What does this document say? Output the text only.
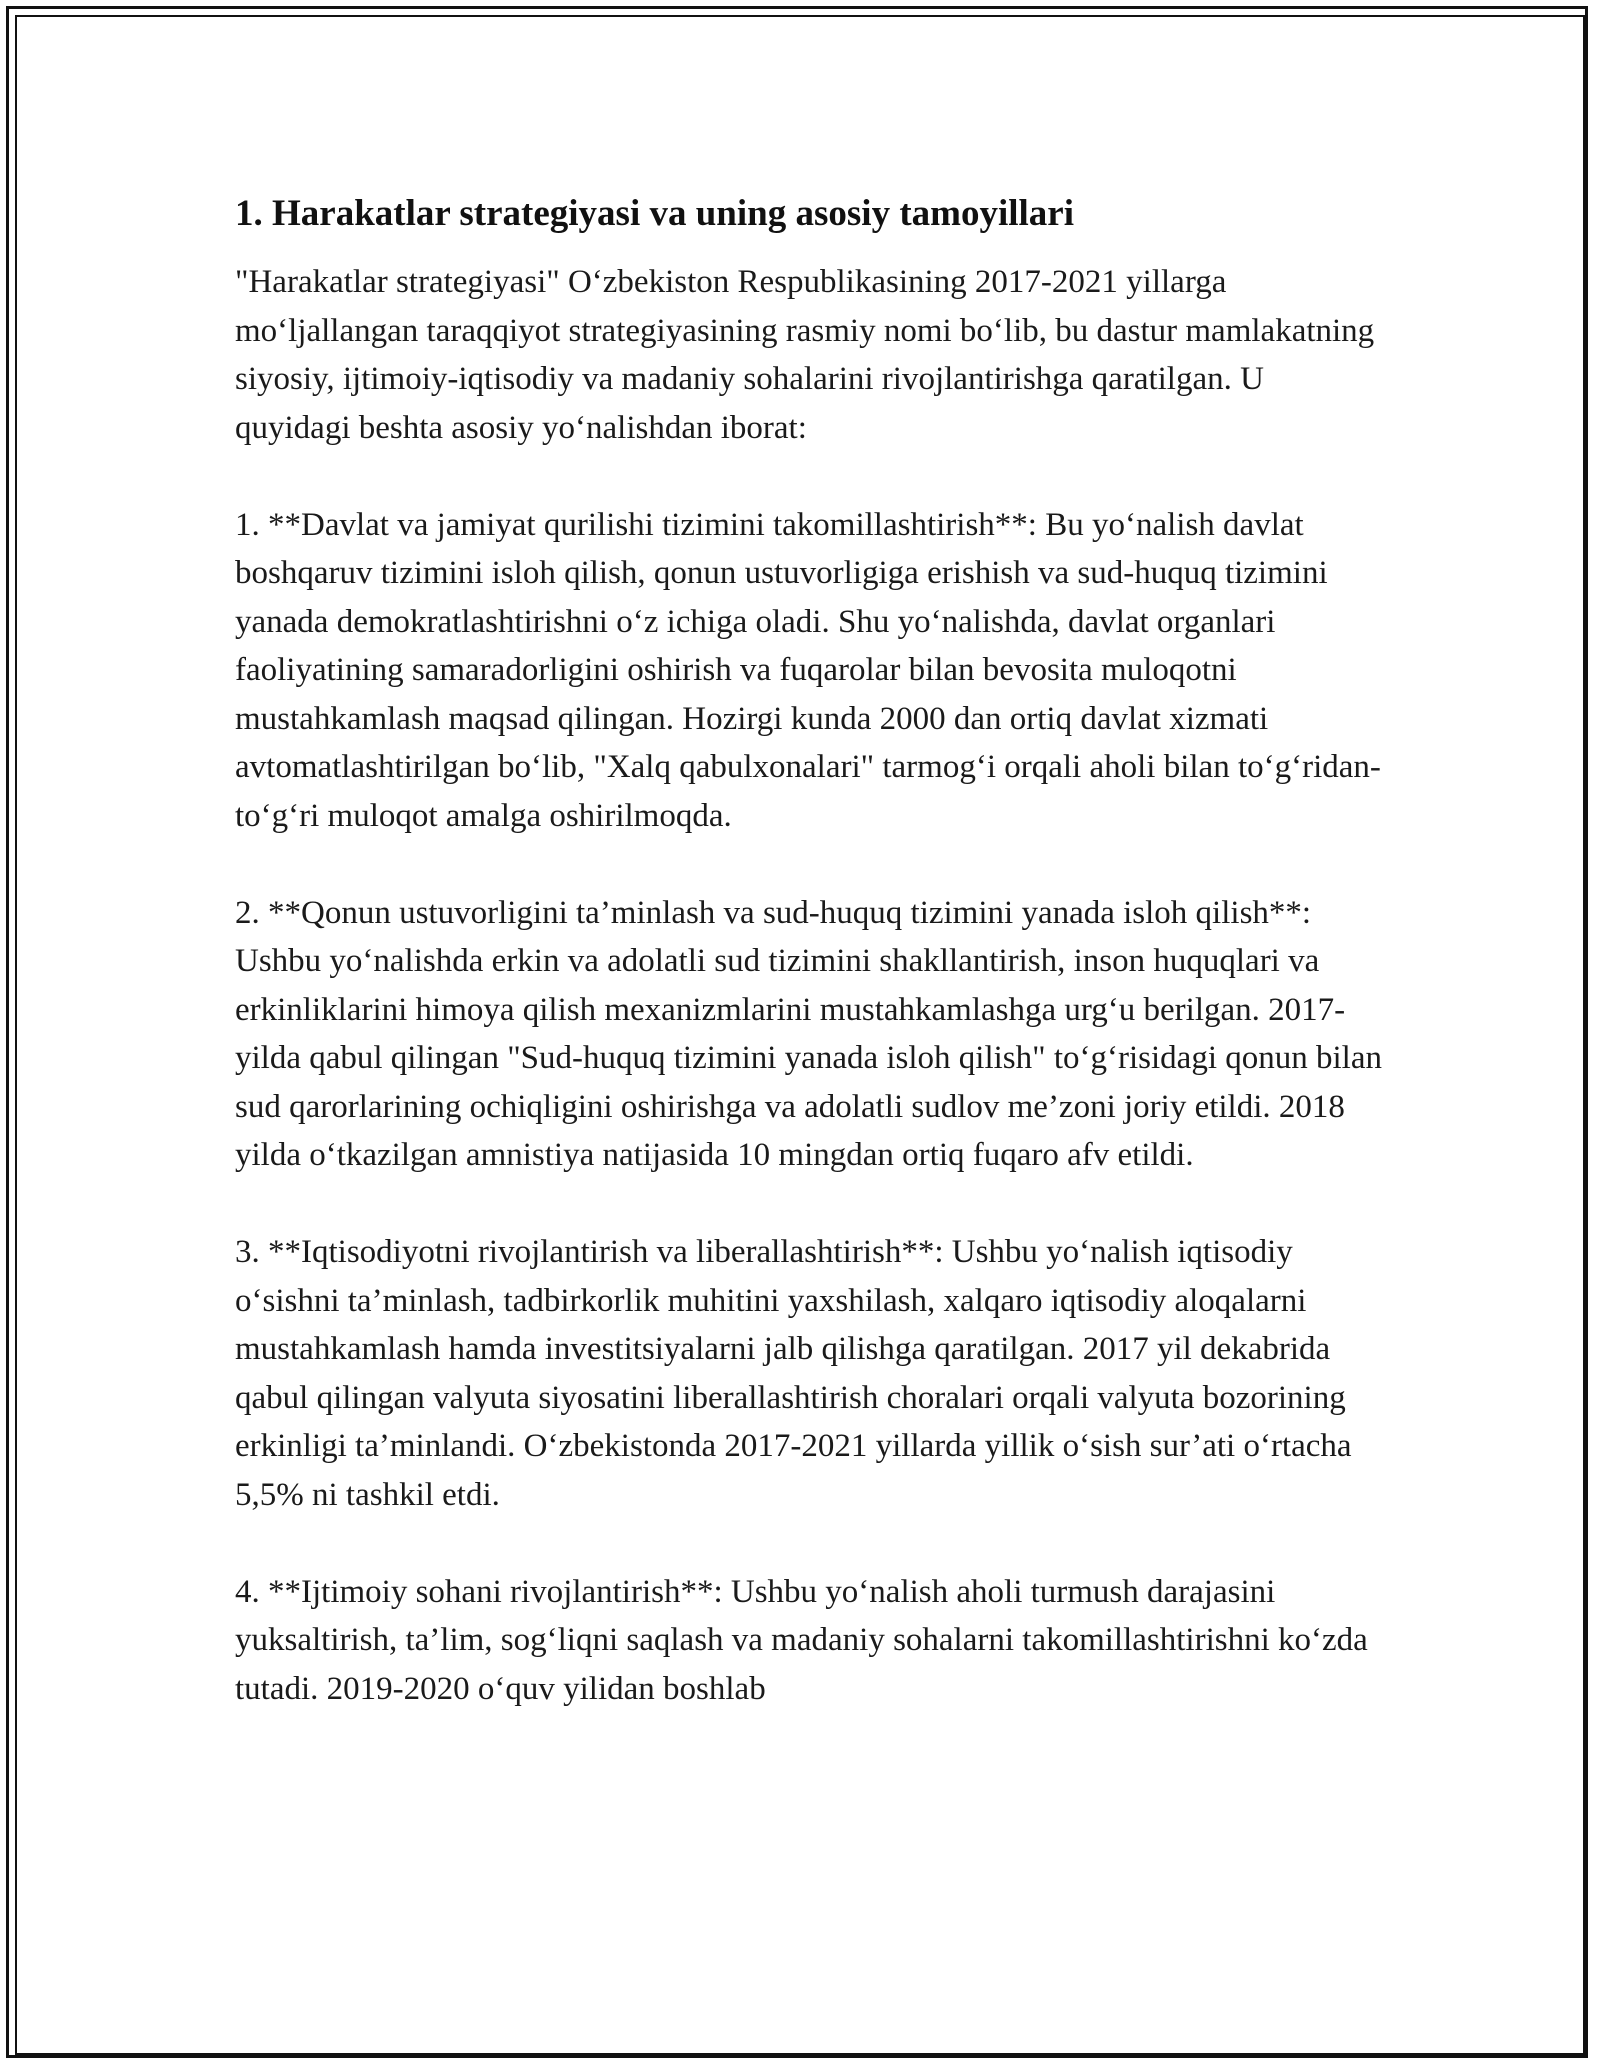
1. Harakatlar strategiyasi va uning asosiy tamoyillari

"Harakatlar strategiyasi" O‘zbekiston Respublikasining 2017-2021 yillarga mo‘ljallangan taraqqiyot strategiyasining rasmiy nomi bo‘lib, bu dastur mamlakatning siyosiy, ijtimoiy-iqtisodiy va madaniy sohalarini rivojlantirishga qaratilgan. U quyidagi beshta asosiy yo‘nalishdan iborat:

1. **Davlat va jamiyat qurilishi tizimini takomillashtirish**: Bu yo‘nalish davlat boshqaruv tizimini isloh qilish, qonun ustuvorligiga erishish va sud-huquq tizimini yanada demokratlashtirishni o‘z ichiga oladi. Shu yo‘nalishda, davlat organlari faoliyatining samaradorligini oshirish va fuqarolar bilan bevosita muloqotni mustahkamlash maqsad qilingan. Hozirgi kunda 2000 dan ortiq davlat xizmati avtomatlashtirilgan bo‘lib, "Xalq qabulxonalari" tarmog‘i orqali aholi bilan to‘g‘ridan-to‘g‘ri muloqot amalga oshirilmoqda.

2. **Qonun ustuvorligini ta’minlash va sud-huquq tizimini yanada isloh qilish**: Ushbu yo‘nalishda erkin va adolatli sud tizimini shakllantirish, inson huquqlari va erkinliklarini himoya qilish mexanizmlarini mustahkamlashga urg‘u berilgan. 2017- yilda qabul qilingan "Sud-huquq tizimini yanada isloh qilish" to‘g‘risidagi qonun bilan sud qarorlarining ochiqligini oshirishga va adolatli sudlov me’zoni joriy etildi. 2018 yilda o‘tkazilgan amnistiya natijasida 10 mingdan ortiq fuqaro afv etildi.

3. **Iqtisodiyotni rivojlantirish va liberallashtirish**: Ushbu yo‘nalish iqtisodiy o‘sishni ta’minlash, tadbirkorlik muhitini yaxshilash, xalqaro iqtisodiy aloqalarni mustahkamlash hamda investitsiyalarni jalb qilishga qaratilgan. 2017 yil dekabrida qabul qilingan valyuta siyosatini liberallashtirish choralari orqali valyuta bozorining erkinligi ta’minlandi. O‘zbekistonda 2017-2021 yillarda yillik o‘sish sur’ati o‘rtacha 5,5% ni tashkil etdi.

4. **Ijtimoiy sohani rivojlantirish**: Ushbu yo‘nalish aholi turmush darajasini yuksaltirish, ta’lim, sog‘liqni saqlash va madaniy sohalarni takomillashtirishni ko‘zda tutadi. 2019-2020 o‘quv yilidan boshlab
